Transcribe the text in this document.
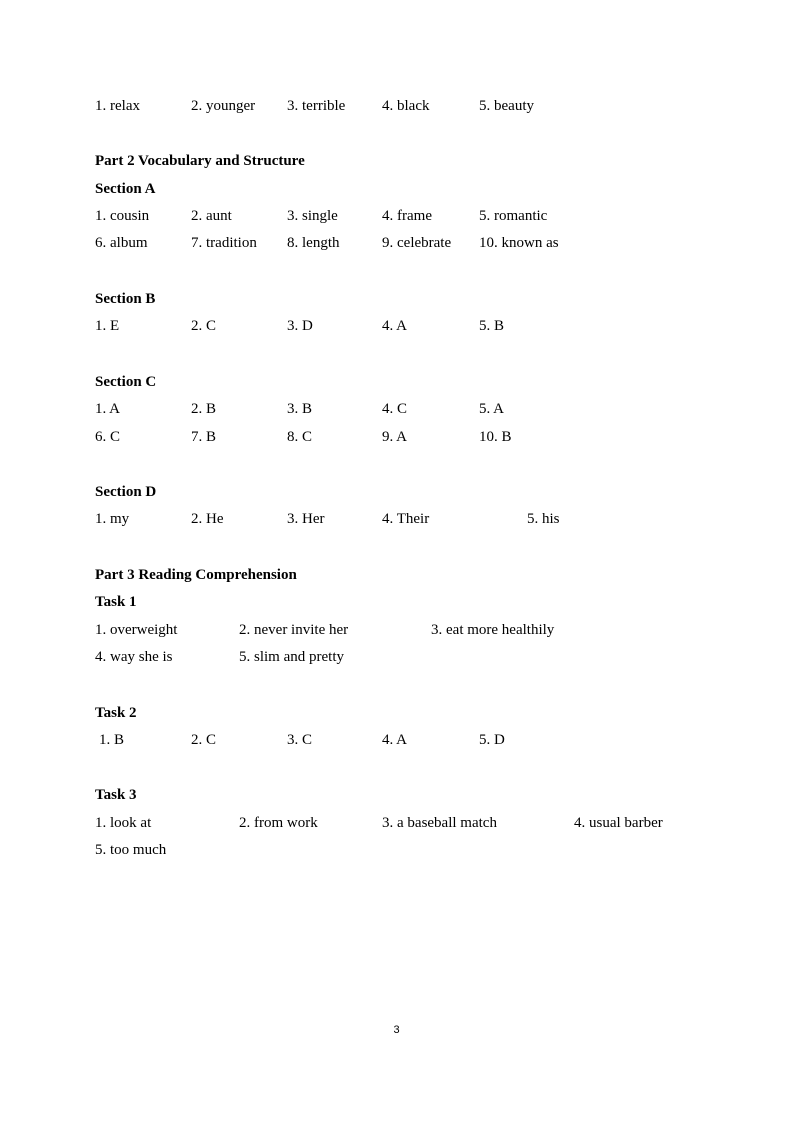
1. relax	2. younger 3. terrible 4. black	5. beauty
Part 2 Vocabulary and Structure
Section A
1. cousin	2. aunt	3. single	4. frame	5. romantic
6. album	7. tradition 8. length	9. celebrate 10. known as
Section B
1. E	2. C	3. D	4. A	5. B
Section C
1. A	2. B	3. B	4. C	5. A
6. C	7. B	8. C	9. A	10. B
Section D
1. my	2. He	3. Her	4. Their	5. his
Part 3 Reading Comprehension
Task 1
1. overweight	2. never invite her	3. eat more healthily
4. way she is	5. slim and pretty
Task 2
1. B	2. C	3. C	4. A	5. D
Task 3
1. look at	2. from work	3. a baseball match	4. usual barber
5. too much
3
